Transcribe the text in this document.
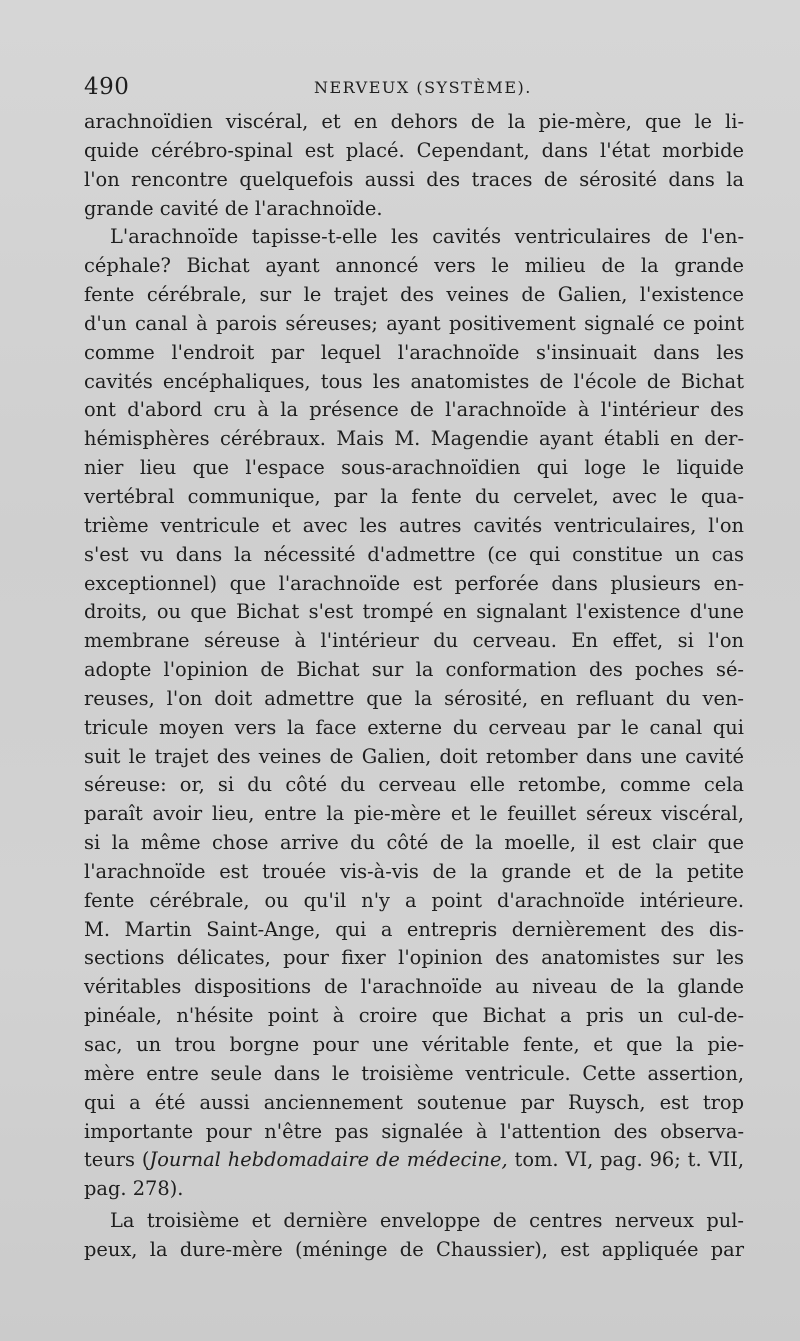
490	NERVEUX (SYSTÈME).
arachnoïdien viscéral, et en dehors de la pie-mère, que le li-
quide cérébro-spinal est placé. Cependant, dans l'état morbide
l'on rencontre quelquefois aussi des traces de sérosité dans la
grande cavité de l'arachnoïde.
L'arachnoïde tapisse-t-elle les cavités ventriculaires de l'en-
céphale? Bichat ayant annoncé vers le milieu de la grande
fente cérébrale, sur le trajet des veines de Galien, l'existence
d'un canal à parois séreuses; ayant positivement signalé ce point
comme l'endroit par lequel l'arachnoïde s'insinuait dans les
cavités encéphaliques, tous les anatomistes de l'école de Bichat
ont d'abord cru à la présence de l'arachnoïde à l'intérieur des
hémisphères cérébraux. Mais M. Magendie ayant établi en der-
nier lieu que l'espace sous-arachnoïdien qui loge le liquide
vertébral communique, par la fente du cervelet, avec le qua-
trième ventricule et avec les autres cavités ventriculaires, l'on
s'est vu dans la nécessité d'admettre (ce qui constitue un cas
exceptionnel) que l'arachnoïde est perforée dans plusieurs en-
droits, ou que Bichat s'est trompé en signalant l'existence d'une
membrane séreuse à l'intérieur du cerveau. En effet, si l'on
adopte l'opinion de Bichat sur la conformation des poches sé-
reuses, l'on doit admettre que la sérosité, en refluant du ven-
tricule moyen vers la face externe du cerveau par le canal qui
suit le trajet des veines de Galien, doit retomber dans une cavité
séreuse: or, si du côté du cerveau elle retombe, comme cela
paraît avoir lieu, entre la pie-mère et le feuillet séreux viscéral,
si la même chose arrive du côté de la moelle, il est clair que
l'arachnoïde est trouée vis-à-vis de la grande et de la petite
fente cérébrale, ou qu'il n'y a point d'arachnoïde intérieure.
M. Martin Saint-Ange, qui a entrepris dernièrement des dis-
sections délicates, pour fixer l'opinion des anatomistes sur les
véritables dispositions de l'arachnoïde au niveau de la glande
pinéale, n'hésite point à croire que Bichat a pris un cul-de-
sac, un trou borgne pour une véritable fente, et que la pie-
mère entre seule dans le troisième ventricule. Cette assertion,
qui a été aussi anciennement soutenue par Ruysch, est trop
importante pour n'être pas signalée à l'attention des observa-
teurs (Journal hebdomadaire de médecine, tom. VI, pag. 96; t. VII,
pag. 278).
La troisième et dernière enveloppe de centres nerveux pul-
peux, la dure-mère (méninge de Chaussier), est appliquée par
